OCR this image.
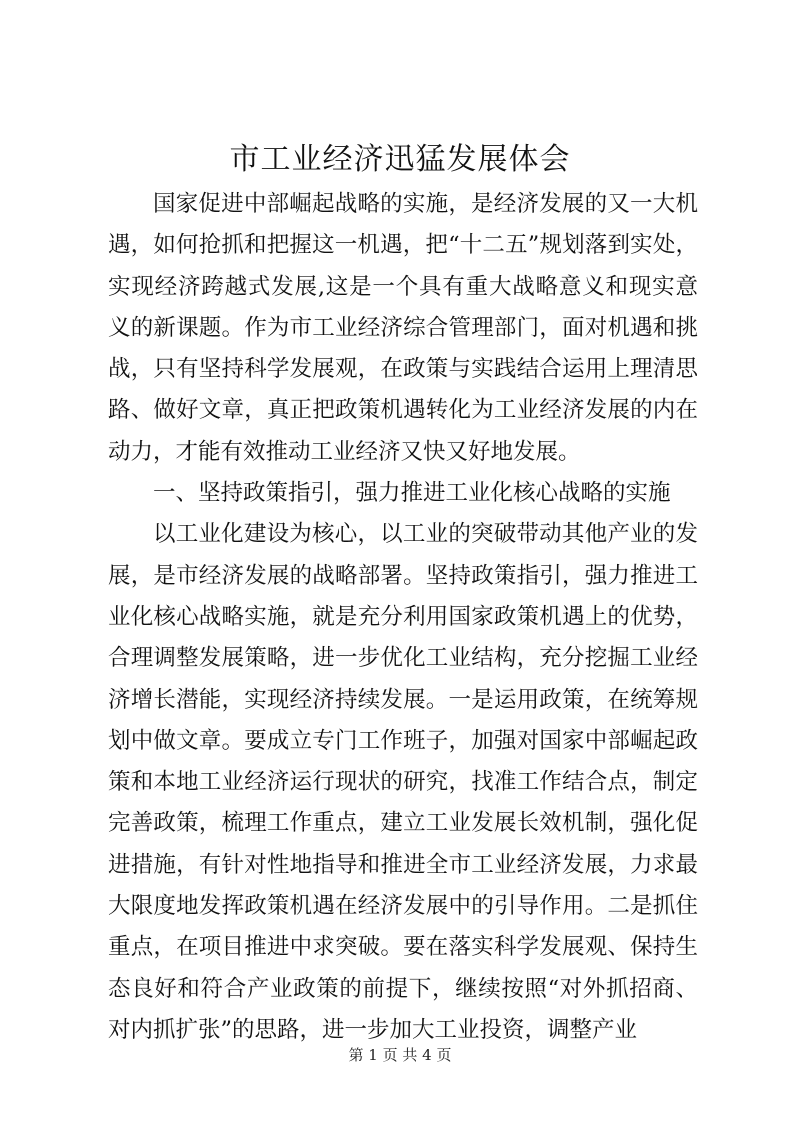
市工业经济迅猛发展体会

国家促进中部崛起战略的实施，是经济发展的又一大机遇，如何抢抓和把握这一机遇，把“十二五”规划落到实处，实现经济跨越式发展,这是一个具有重大战略意义和现实意义的新课题。作为市工业经济综合管理部门，面对机遇和挑战，只有坚持科学发展观，在政策与实践结合运用上理清思路、做好文章，真正把政策机遇转化为工业经济发展的内在动力，才能有效推动工业经济又快又好地发展。

一、坚持政策指引，强力推进工业化核心战略的实施

以工业化建设为核心，以工业的突破带动其他产业的发展，是市经济发展的战略部署。坚持政策指引，强力推进工业化核心战略实施，就是充分利用国家政策机遇上的优势，合理调整发展策略，进一步优化工业结构，充分挖掘工业经济增长潜能，实现经济持续发展。一是运用政策，在统筹规划中做文章。要成立专门工作班子，加强对国家中部崛起政策和本地工业经济运行现状的研究，找准工作结合点，制定完善政策，梳理工作重点，建立工业发展长效机制，强化促进措施，有针对性地指导和推进全市工业经济发展，力求最大限度地发挥政策机遇在经济发展中的引导作用。二是抓住重点，在项目推进中求突破。要在落实科学发展观、保持生态良好和符合产业政策的前提下，继续按照“对外抓招商、对内抓扩张”的思路，进一步加大工业投资，调整产业

第 1 页 共 4 页
